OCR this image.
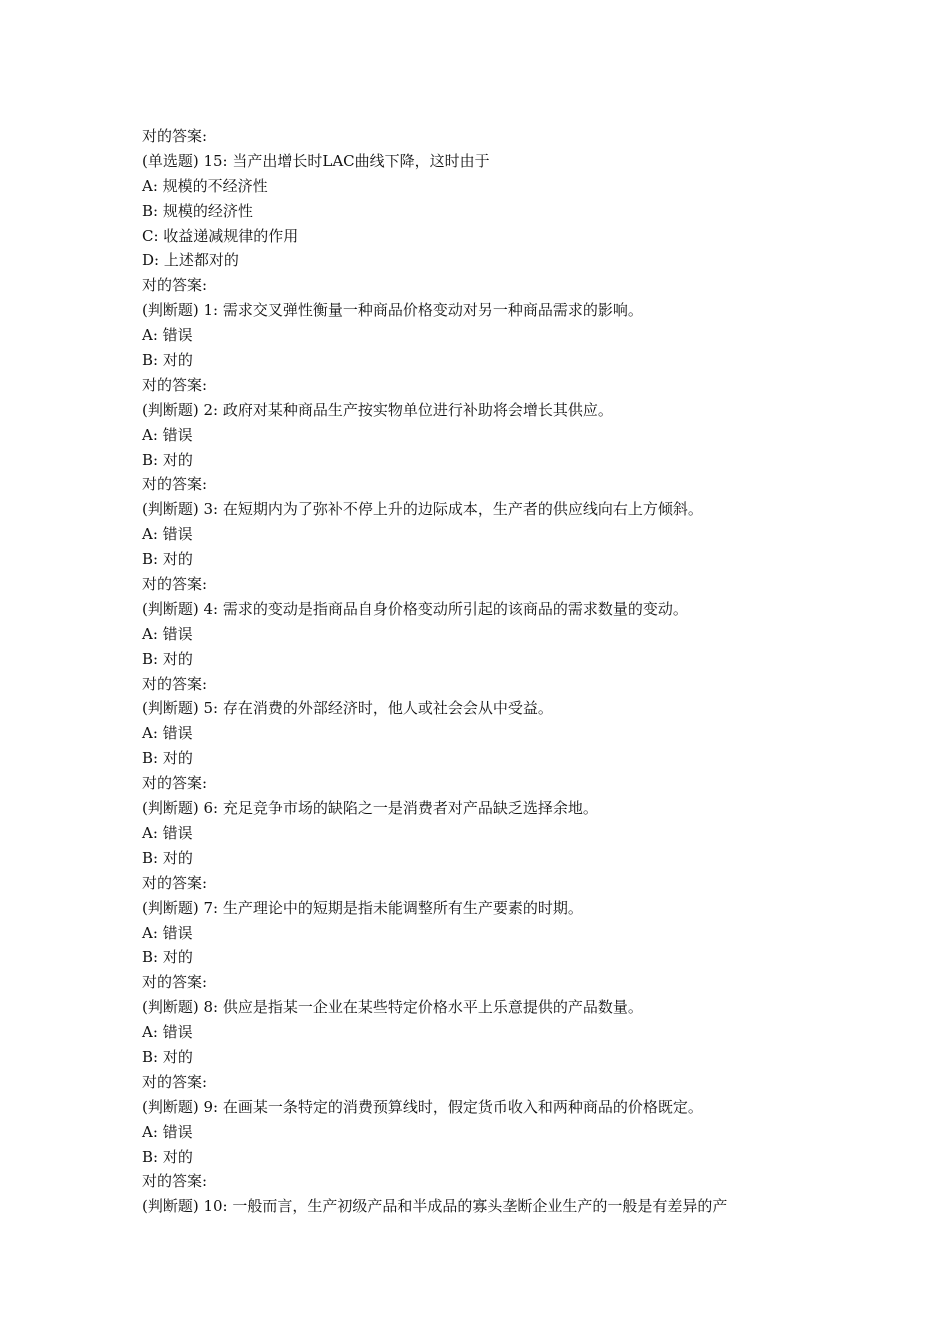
对的答案:
(单选题) 15: 当产出增长时LAC曲线下降，这时由于
A: 规模的不经济性
B: 规模的经济性
C: 收益递减规律的作用
D: 上述都对的
对的答案:
(判断题) 1: 需求交叉弹性衡量一种商品价格变动对另一种商品需求的影响。
A: 错误
B: 对的
对的答案:
(判断题) 2: 政府对某种商品生产按实物单位进行补助将会增长其供应。
A: 错误
B: 对的
对的答案:
(判断题) 3: 在短期内为了弥补不停上升的边际成本，生产者的供应线向右上方倾斜。
A: 错误
B: 对的
对的答案:
(判断题) 4: 需求的变动是指商品自身价格变动所引起的该商品的需求数量的变动。
A: 错误
B: 对的
对的答案:
(判断题) 5: 存在消费的外部经济时，他人或社会会从中受益。
A: 错误
B: 对的
对的答案:
(判断题) 6: 充足竞争市场的缺陷之一是消费者对产品缺乏选择余地。
A: 错误
B: 对的
对的答案:
(判断题) 7: 生产理论中的短期是指未能调整所有生产要素的时期。
A: 错误
B: 对的
对的答案:
(判断题) 8: 供应是指某一企业在某些特定价格水平上乐意提供的产品数量。
A: 错误
B: 对的
对的答案:
(判断题) 9: 在画某一条特定的消费预算线时，假定货币收入和两种商品的价格既定。
A: 错误
B: 对的
对的答案:
(判断题) 10: 一般而言，生产初级产品和半成品的寡头垄断企业生产的一般是有差异的产
